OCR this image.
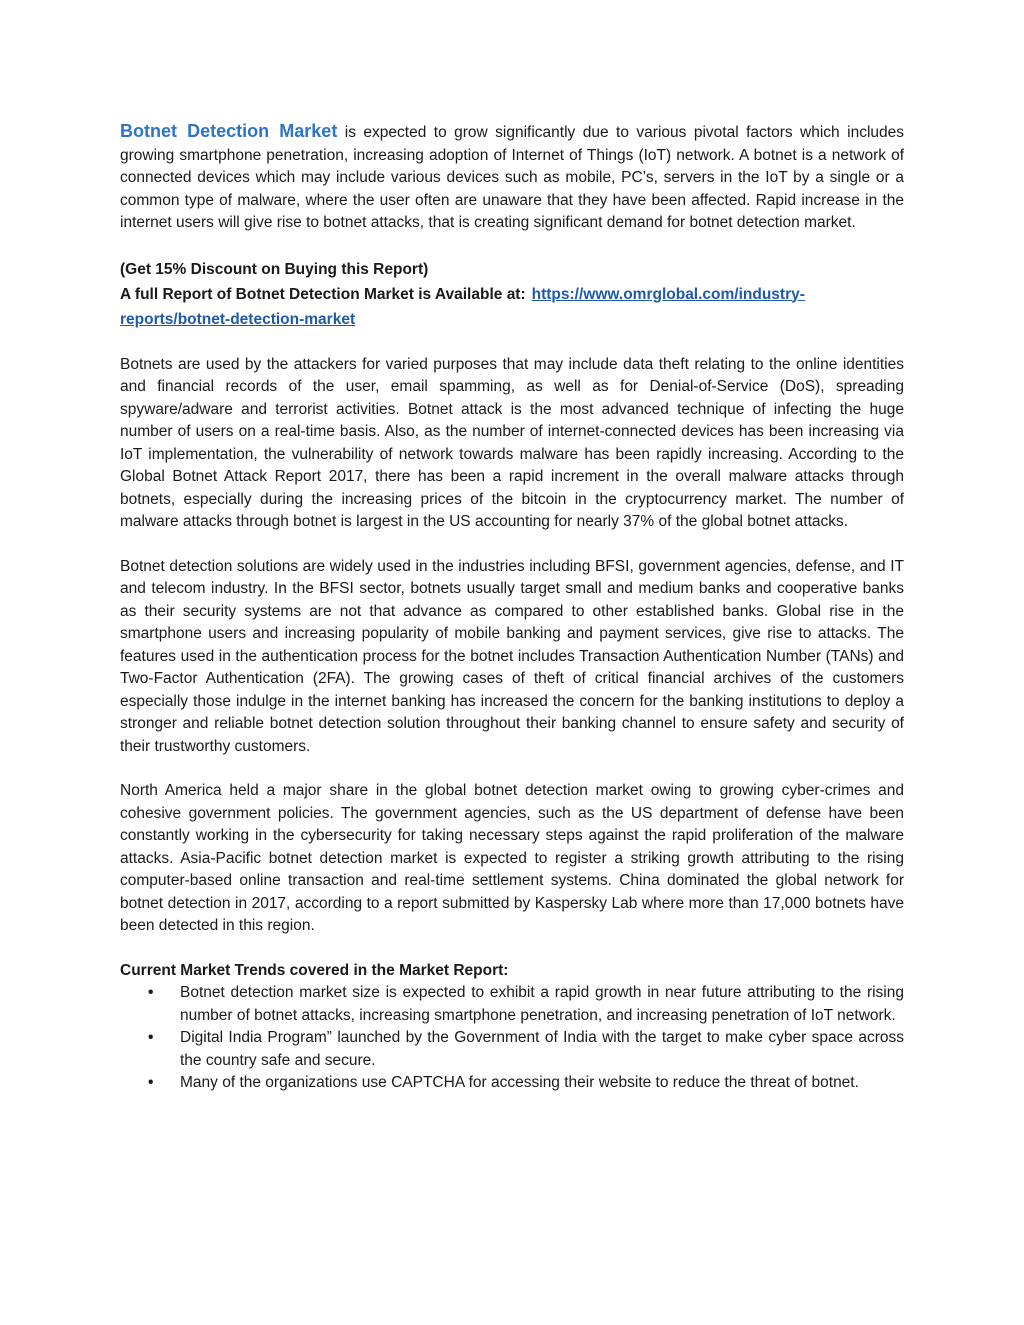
Botnet Detection Market is expected to grow significantly due to various pivotal factors which includes growing smartphone penetration, increasing adoption of Internet of Things (IoT) network. A botnet is a network of connected devices which may include various devices such as mobile, PC’s, servers in the IoT by a single or a common type of malware, where the user often are unaware that they have been affected. Rapid increase in the internet users will give rise to botnet attacks, that is creating significant demand for botnet detection market.

(Get 15% Discount on Buying this Report)
A full Report of Botnet Detection Market is Available at: https://www.omrglobal.com/industry-reports/botnet-detection-market

Botnets are used by the attackers for varied purposes that may include data theft relating to the online identities and financial records of the user, email spamming, as well as for Denial-of-Service (DoS), spreading spyware/adware and terrorist activities. Botnet attack is the most advanced technique of infecting the huge number of users on a real-time basis. Also, as the number of internet-connected devices has been increasing via IoT implementation, the vulnerability of network towards malware has been rapidly increasing. According to the Global Botnet Attack Report 2017, there has been a rapid increment in the overall malware attacks through botnets, especially during the increasing prices of the bitcoin in the cryptocurrency market. The number of malware attacks through botnet is largest in the US accounting for nearly 37% of the global botnet attacks.

Botnet detection solutions are widely used in the industries including BFSI, government agencies, defense, and IT and telecom industry. In the BFSI sector, botnets usually target small and medium banks and cooperative banks as their security systems are not that advance as compared to other established banks. Global rise in the smartphone users and increasing popularity of mobile banking and payment services, give rise to attacks. The features used in the authentication process for the botnet includes Transaction Authentication Number (TANs) and Two-Factor Authentication (2FA). The growing cases of theft of critical financial archives of the customers especially those indulge in the internet banking has increased the concern for the banking institutions to deploy a stronger and reliable botnet detection solution throughout their banking channel to ensure safety and security of their trustworthy customers.

North America held a major share in the global botnet detection market owing to growing cyber-crimes and cohesive government policies. The government agencies, such as the US department of defense have been constantly working in the cybersecurity for taking necessary steps against the rapid proliferation of the malware attacks. Asia-Pacific botnet detection market is expected to register a striking growth attributing to the rising computer-based online transaction and real-time settlement systems. China dominated the global network for botnet detection in 2017, according to a report submitted by Kaspersky Lab where more than 17,000 botnets have been detected in this region.

Current Market Trends covered in the Market Report:
• Botnet detection market size is expected to exhibit a rapid growth in near future attributing to the rising number of botnet attacks, increasing smartphone penetration, and increasing penetration of IoT network.
• Digital India Program” launched by the Government of India with the target to make cyber space across the country safe and secure.
• Many of the organizations use CAPTCHA for accessing their website to reduce the threat of botnet.
